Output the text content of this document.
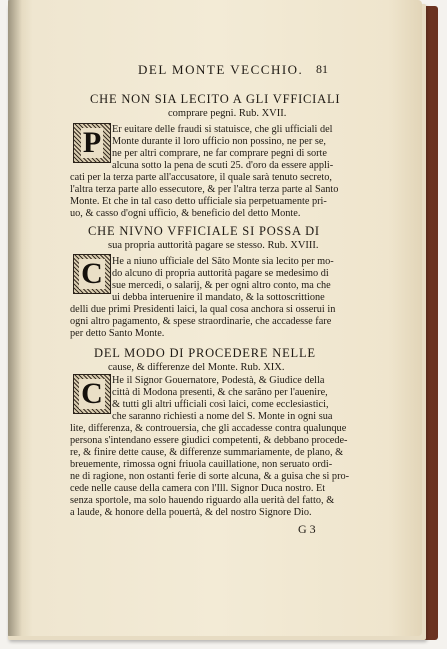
DEL MONTE VECCHIO. 81
CHE NON SIA LECITO A GLI VFFICIALI
comprare pegni. Rub. XVII.
P Er euitare delle fraudi si statuisce, che gli ufficiali del
Monte durante il loro ufficio non possino, ne per se,
ne per altri comprare, ne far comprare pegni di sorte
alcuna sotto la pena de scuti 25. d'oro da essere appli-
cati per la terza parte all'accusatore, il quale sarà tenuto secreto,
l'altra terza parte allo essecutore, & per l'altra terza parte al Santo
Monte. Et che in tal caso detto ufficiale sia perpetuamente pri-
uo, & casso d'ogni ufficio, & beneficio del detto Monte.
CHE NIVNO VFFICIALE SI POSSA DI
sua propria auttorità pagare se stesso. Rub. XVIII.
C He a niuno ufficiale del Sãto Monte sia lecito per mo-
do alcuno di propria auttorità pagare se medesimo di
sue mercedi, o salarij, & per ogni altro conto, ma che
ui debba interuenire il mandato, & la sottoscrittione
delli due primi Presidenti laici, la qual cosa anchora si osserui in
ogni altro pagamento, & spese straordinarie, che accadesse fare
per detto Santo Monte.
DEL MODO DI PROCEDERE NELLE
cause, & differenze del Monte. Rub. XIX.
C He il Signor Gouernatore, Podestà, & Giudice della
città di Modona presenti, & che sarãno per l'auenire,
& tutti gli altri ufficiali così laici, come ecclesiastici,
che saranno richiesti a nome del S. Monte in ogni sua
lite, differenza, & controuersia, che gli accadesse contra qualunque
persona s'intendano essere giudici competenti, & debbano procede-
re, & finire dette cause, & differenze summariamente, de plano, &
breuemente, rimossa ogni friuola cauillatione, non seruato ordi-
ne di ragione, non ostanti ferie di sorte alcuna, & a guisa che si pro-
cede nelle cause della camera con l'Ill. Signor Duca nostro. Et
senza sportole, ma solo hauendo riguardo alla uerità del fatto, &
a laude, & honore della pouertà, & del nostro Signore Dio.
G 3
